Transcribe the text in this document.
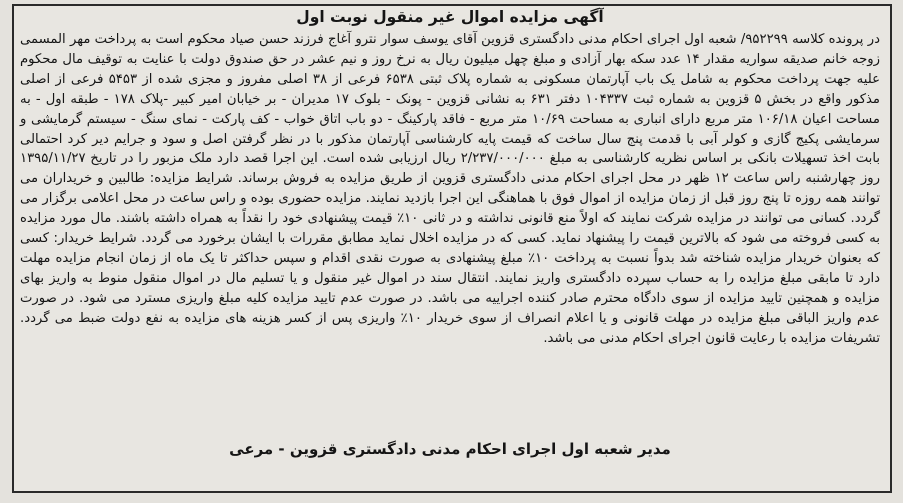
آگهی مزایده اموال غیر منقول نوبت اول

در پرونده کلاسه ۹۵۲۲۹۹/ شعبه اول اجرای احکام مدنی دادگستری قزوین آقای یوسف سوار نترو آغاج فرزند حسن صیاد محکوم است به پرداخت مهر المسمی زوجه خانم صدیقه سواریه مقدار ۱۴ عدد سکه بهار آزادی و مبلغ چهل میلیون ریال به نرخ روز و نیم عشر در حق صندوق دولت با عنایت به توقیف مال محکوم علیه جهت پرداخت محکوم به شامل یک باب آپارتمان مسکونی به شماره پلاک ثبتی ۶۵۳۸ فرعی از ۳۸ اصلی مفروز و مجزی شده از ۵۴۵۳ فرعی از اصلی مذکور واقع در بخش ۵ قزوین به شماره ثبت ۱۰۴۳۳۷ دفتر ۶۳۱ به نشانی قزوین - پونک - بلوک ۱۷ مدیران - بر خیابان امیر کبیر -پلاک ۱۷۸ - طبقه اول - به مساحت اعیان ۱۰۶/۱۸ متر مربع دارای انباری به مساحت ۱۰/۶۹ متر مربع - فاقد پارکینگ - دو باب اتاق خواب - کف پارکت - نمای سنگ - سیستم گرمایشی و سرمایشی پکیج گازی و کولر آبی با قدمت پنج سال ساخت که قیمت پایه کارشناسی آپارتمان مذکور با در نظر گرفتن اصل و سود و جرایم دیر کرد احتمالی بابت اخذ تسهیلات بانکی بر اساس نظریه کارشناسی به مبلغ ۲/۲۳۷/۰۰۰/۰۰۰ ریال ارزیابی شده است. این اجرا قصد دارد ملک مزبور را در تاریخ ۱۳۹۵/۱۱/۲۷ روز چهارشنبه راس ساعت ۱۲ ظهر در محل اجرای احکام مدنی دادگستری قزوین از طریق مزایده به فروش برساند. شرایط مزایده: طالبین و خریداران می توانند همه روزه تا پنج روز قبل از زمان مزایده از اموال فوق با هماهنگی این اجرا بازدید نمایند. مزایده حضوری بوده و راس ساعت در محل اعلامی برگزار می گردد. کسانی می توانند در مزایده شرکت نمایند که اولاً منع قانونی نداشته و در ثانی ۱۰٪ قیمت پیشنهادی خود را نقداً به همراه داشته باشند. مال مورد مزایده به کسی فروخته می شود که بالاترین قیمت را پیشنهاد نماید. کسی که در مزایده اخلال نماید مطابق مقررات با ایشان برخورد می گردد. شرایط خریدار: کسی که بعنوان خریدار مزایده شناخته شد بدواً نسبت به پرداخت ۱۰٪ مبلغ پیشنهادی به صورت نقدی اقدام و سپس حداکثر تا یک ماه از زمان انجام مزایده مهلت دارد تا مابقی مبلغ مزایده را به حساب سپرده دادگستری واریز نمایند. انتقال سند در اموال غیر منقول و یا تسلیم مال در اموال منقول منوط به واریز بهای مزایده و همچنین تایید مزایده از سوی دادگاه محترم صادر کننده اجراییه می باشد. در صورت عدم تایید مزایده کلیه مبلغ واریزی مسترد می شود. در صورت عدم واریز الباقی مبلغ مزایده در مهلت قانونی و یا اعلام انصراف از سوی خریدار ۱۰٪ واریزی پس از کسر هزینه های مزایده به نفع دولت ضبط می گردد. تشریفات مزایده با رعایت قانون اجرای احکام مدنی می باشد.

مدیر شعبه اول اجرای احکام مدنی دادگستری قزوین - مرعی
